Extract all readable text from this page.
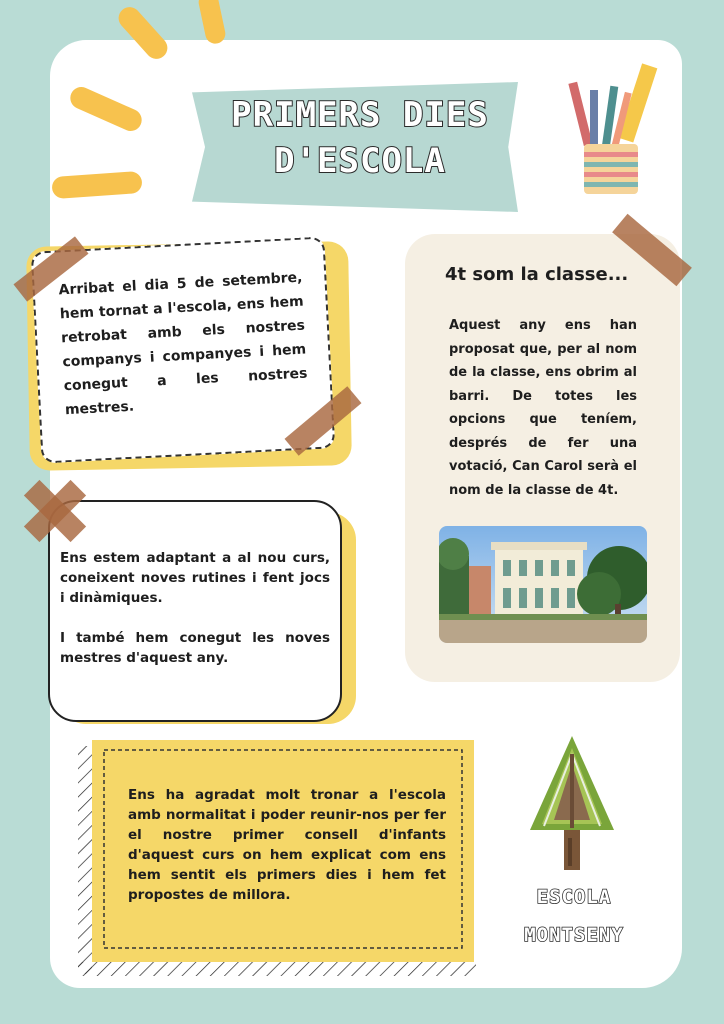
PRIMERS DIES
D'ESCOLA

Arribat el dia 5 de setembre, hem tornat a l'escola, ens hem retrobat amb els nostres companys i companyes i hem conegut a les nostres mestres.

Ens estem adaptant a al nou curs, coneixent noves rutines i fent jocs i dinàmiques.

I també hem conegut les noves mestres d'aquest any.

4t som la classe...

Aquest any ens han proposat que, per al nom de la classe, ens obrim al barri. De totes les opcions que teníem, després de fer una votació, Can Carol serà el nom de la classe de 4t.

Ens ha agradat molt tronar a l'escola amb normalitat i poder reunir-nos per fer el nostre primer consell d'infants d'aquest curs on hem explicat com ens hem sentit els primers dies i hem fet propostes de millora.	ESCOLA
MONTSENY
